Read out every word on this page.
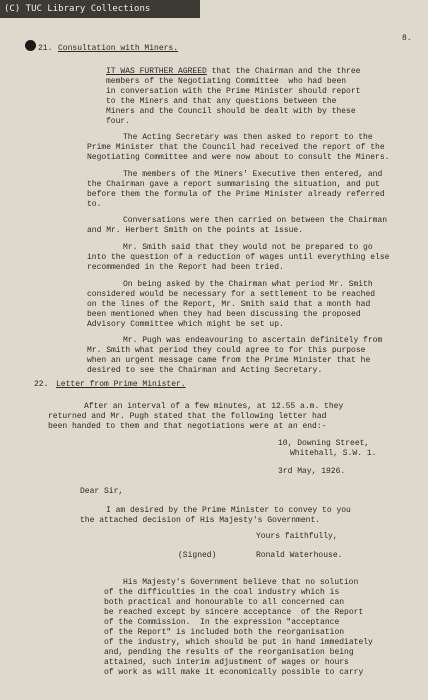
(C) TUC Library Collections
8.
21. Consultation with Miners.
IT WAS FURTHER AGREED that the Chairman and the three
members of the Negotiating Committee  who had been
in conversation with the Prime Minister should report
to the Miners and that any questions between the
Miners and the Council should be dealt with by these
four.
The Acting Secretary was then asked to report to the
Prime Minister that the Council had received the report of the
Negotiating Committee and were now about to consult the Miners.
The members of the Miners' Executive then entered, and
the Chairman gave a report summarising the situation, and put
before them the formula of the Prime Minister already referred
to.
Conversations were then carried on between the Chairman
and Mr. Herbert Smith on the points at issue.
Mr. Smith said that they would not be prepared to go
into the question of a reduction of wages until everything else
recommended in the Report had been tried.
On being asked by the Chairman what period Mr. Smith
considered would be necessary for a settlement to be reached
on the lines of the Report, Mr. Smith said that a month had
been mentioned when they had been discussing the proposed
Advisory Committee which might be set up.
Mr. Pugh was endeavouring to ascertain definitely from
Mr. Smith what period they could agree to for this purpose
when an urgent message came from the Prime Minister that he
desired to see the Chairman and Acting Secretary.
22. Letter from Prime Minister.
After an interval of a few minutes, at 12.55 a.m. they
returned and Mr. Pugh stated that the following letter had
been handed to them and that negotiations were at an end:-
10, Downing Street,
Whitehall, S.W. 1.
3rd May, 1926.
Dear Sir,
I am desired by the Prime Minister to convey to you
the attached decision of His Majesty's Government.
Yours faithfully,
(Signed)	Ronald Waterhouse.
His Majesty's Government believe that no solution
of the difficulties in the coal industry which is
both practical and honourable to all concerned can
be reached except by sincere acceptance  of the Report
of the Commission.  In the expression "acceptance
of the Report" is included both the reorganisation
of the industry, which should be put in hand immediately
and, pending the results of the reorganisation being
attained, such interim adjustment of wages or hours
of work as will make it economically possible to carry
